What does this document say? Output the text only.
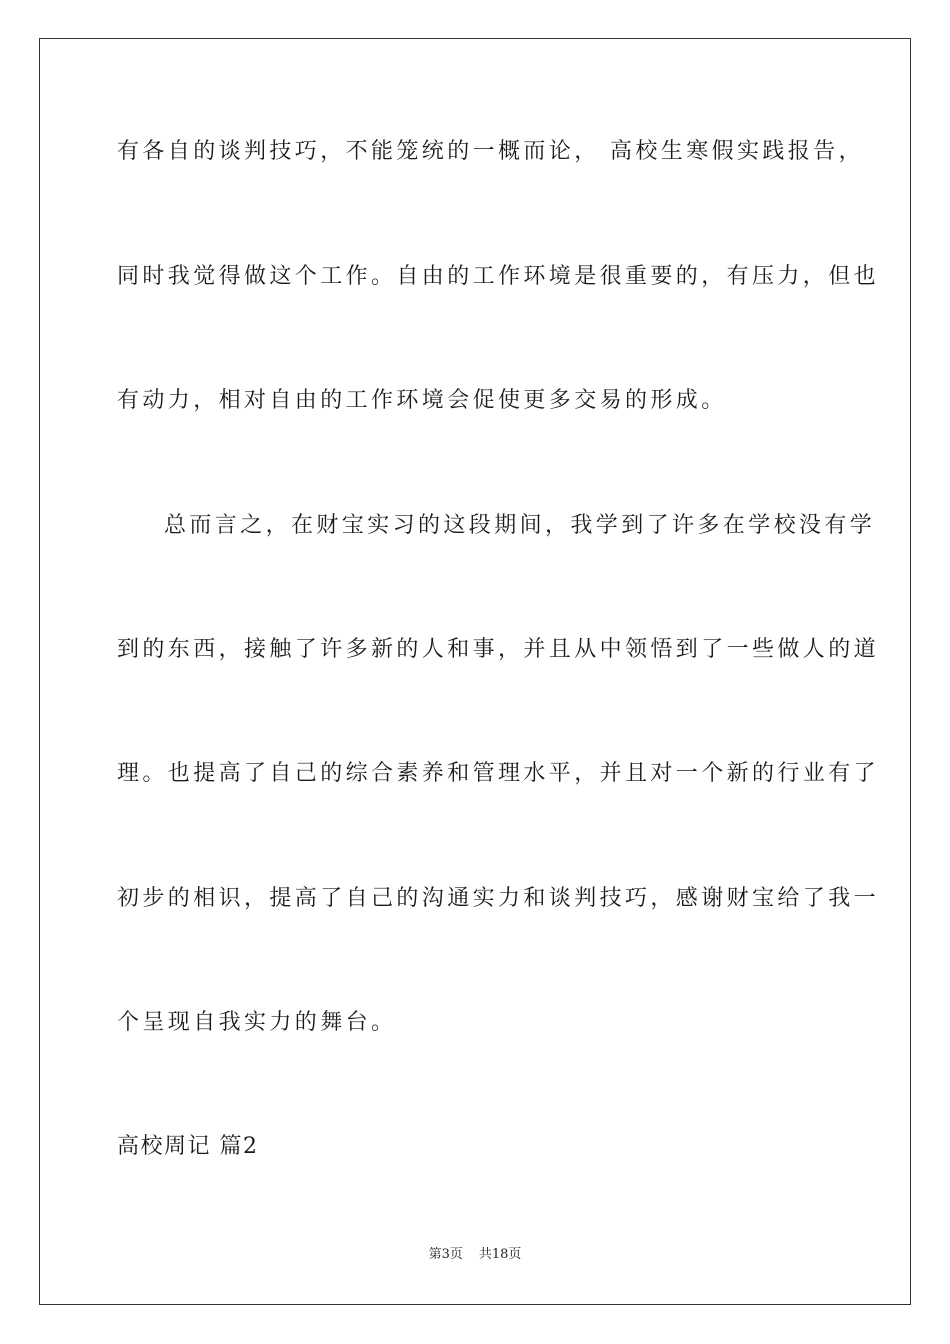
有各自的谈判技巧，不能笼统的一概而论， 高校生寒假实践报告，
同时我觉得做这个工作。自由的工作环境是很重要的，有压力，但也
有动力，相对自由的工作环境会促使更多交易的形成。
总而言之，在财宝实习的这段期间，我学到了许多在学校没有学
到的东西，接触了许多新的人和事，并且从中领悟到了一些做人的道
理。也提高了自己的综合素养和管理水平，并且对一个新的行业有了
初步的相识，提高了自己的沟通实力和谈判技巧，感谢财宝给了我一
个呈现自我实力的舞台。
高校周记 篇2
第3页 共18页
